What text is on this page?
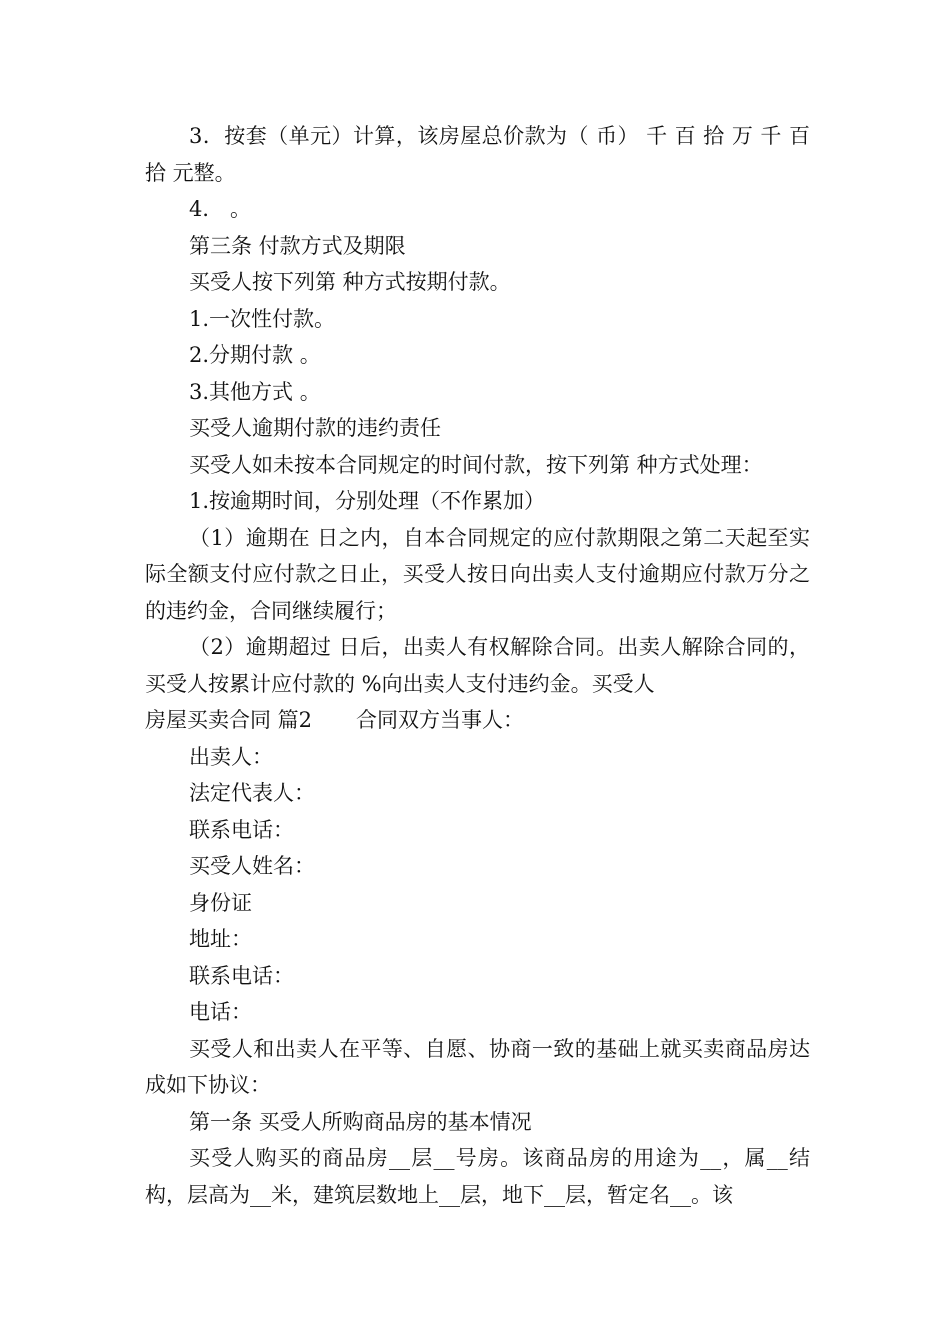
3．按套（单元）计算，该房屋总价款为（ 币） 千 百 拾 万 千 百 拾 元整。

4． 。

第三条 付款方式及期限

买受人按下列第 种方式按期付款。

1.一次性付款。

2.分期付款 。

3.其他方式 。

买受人逾期付款的违约责任

买受人如未按本合同规定的时间付款，按下列第 种方式处理：

1.按逾期时间，分别处理（不作累加）

（1）逾期在 日之内，自本合同规定的应付款期限之第二天起至实际全额支付应付款之日止，买受人按日向出卖人支付逾期应付款万分之 的违约金，合同继续履行；

（2）逾期超过 日后，出卖人有权解除合同。出卖人解除合同的，买受人按累计应付款的 %向出卖人支付违约金。买受人

房屋买卖合同 篇2 合同双方当事人：

出卖人：

法定代表人：

联系电话：

买受人姓名：

身份证

地址：

联系电话：

电话：

买受人和出卖人在平等、自愿、协商一致的基础上就买卖商品房达成如下协议：

第一条 买受人所购商品房的基本情况

买受人购买的商品房__层__号房。该商品房的用途为__，属__结构，层高为__米，建筑层数地上__层，地下__层，暂定名__。该
